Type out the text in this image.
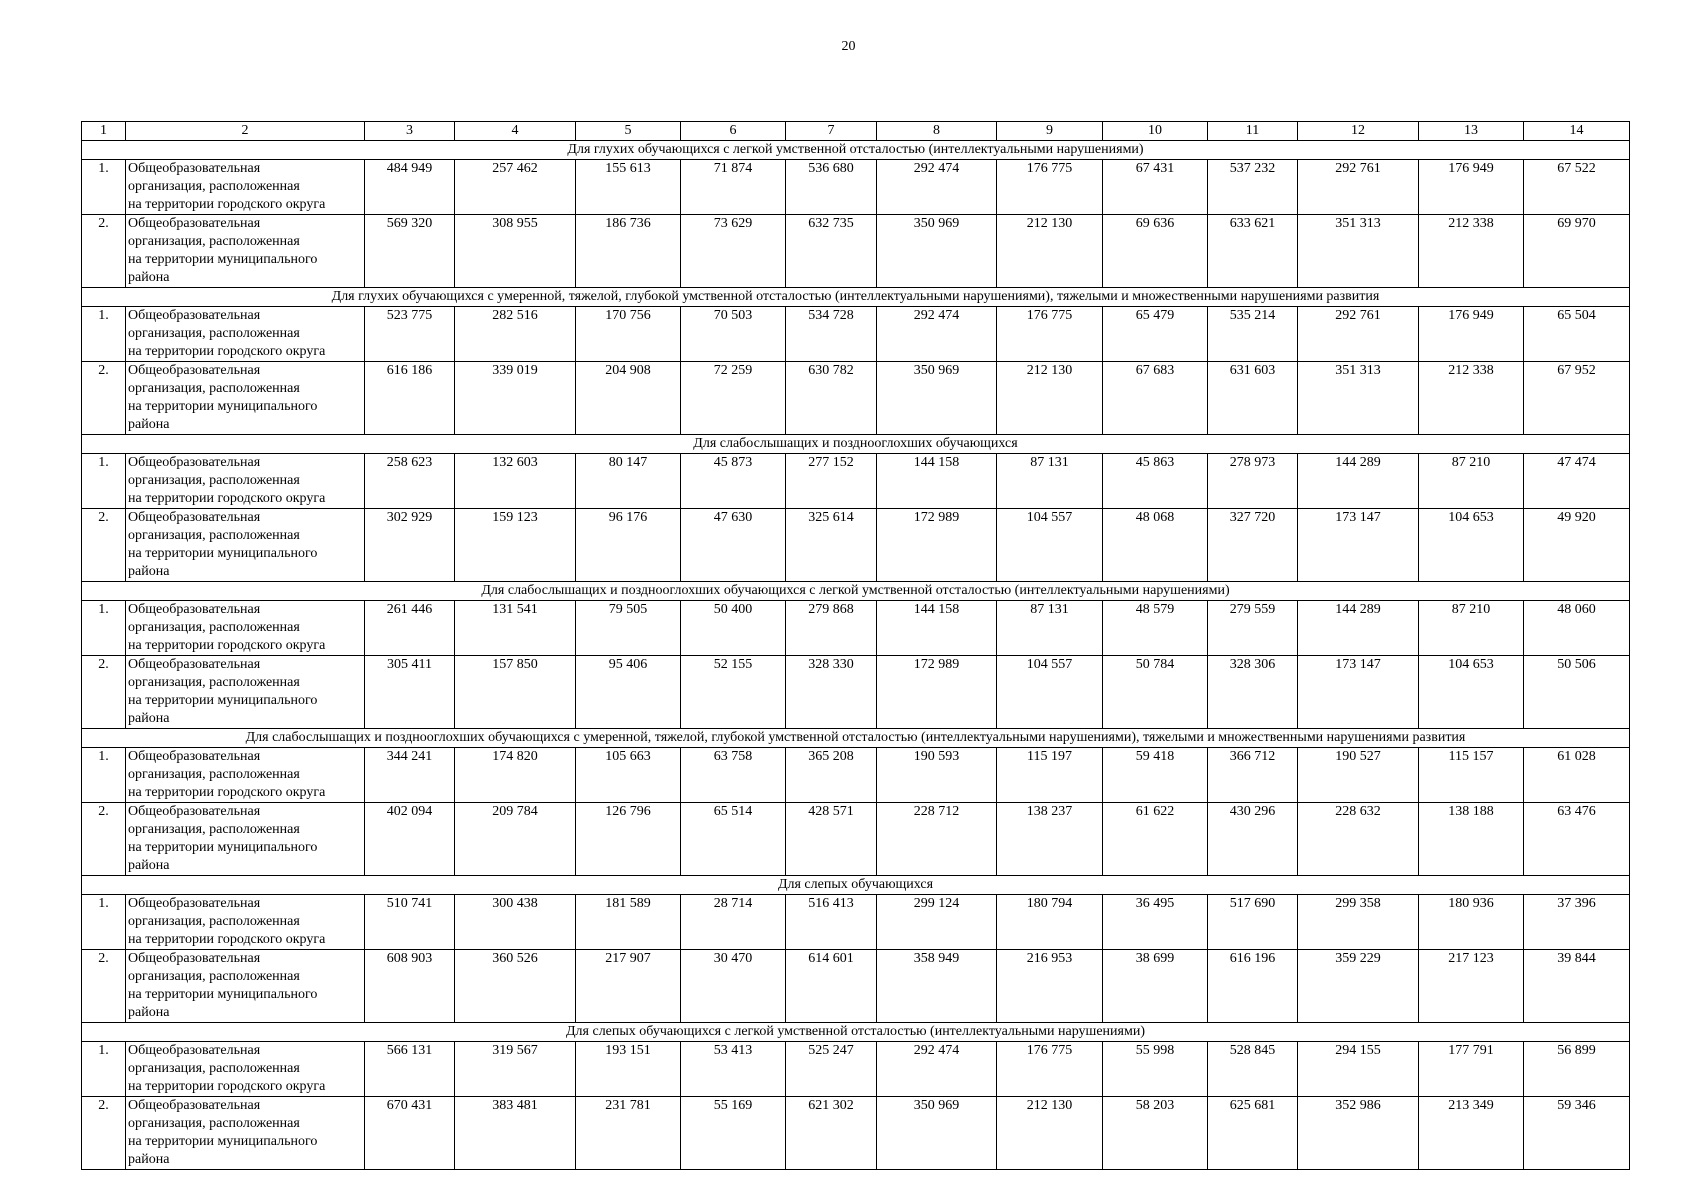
20
1	2	3	4	5	6	7	8	9	10	11	12	13	14
Для глухих обучающихся с легкой умственной отсталостью (интеллектуальными нарушениями)													
1.	Общеобразовательная
организация, расположенная
на территории городского округа	484 949	257 462	155 613	71 874	536 680	292 474	176 775	67 431	537 232	292 761	176 949	67 522
2.	Общеобразовательная
организация, расположенная
на территории муниципального
района	569 320	308 955	186 736	73 629	632 735	350 969	212 130	69 636	633 621	351 313	212 338	69 970
Для глухих обучающихся с умеренной, тяжелой, глубокой умственной отсталостью (интеллектуальными нарушениями), тяжелыми и множественными нарушениями развития													
1.	Общеобразовательная
организация, расположенная
на территории городского округа	523 775	282 516	170 756	70 503	534 728	292 474	176 775	65 479	535 214	292 761	176 949	65 504
2.	Общеобразовательная
организация, расположенная
на территории муниципального
района	616 186	339 019	204 908	72 259	630 782	350 969	212 130	67 683	631 603	351 313	212 338	67 952
Для слабослышащих и позднооглохших обучающихся													
1.	Общеобразовательная
организация, расположенная
на территории городского округа	258 623	132 603	80 147	45 873	277 152	144 158	87 131	45 863	278 973	144 289	87 210	47 474
2.	Общеобразовательная
организация, расположенная
на территории муниципального
района	302 929	159 123	96 176	47 630	325 614	172 989	104 557	48 068	327 720	173 147	104 653	49 920
Для слабослышащих и позднооглохших обучающихся с легкой умственной отсталостью (интеллектуальными нарушениями)													
1.	Общеобразовательная
организация, расположенная
на территории городского округа	261 446	131 541	79 505	50 400	279 868	144 158	87 131	48 579	279 559	144 289	87 210	48 060
2.	Общеобразовательная
организация, расположенная
на территории муниципального
района	305 411	157 850	95 406	52 155	328 330	172 989	104 557	50 784	328 306	173 147	104 653	50 506
Для слабослышащих и позднооглохших обучающихся с умеренной, тяжелой, глубокой умственной отсталостью (интеллектуальными нарушениями), тяжелыми и множественными нарушениями развития													
1.	Общеобразовательная
организация, расположенная
на территории городского округа	344 241	174 820	105 663	63 758	365 208	190 593	115 197	59 418	366 712	190 527	115 157	61 028
2.	Общеобразовательная
организация, расположенная
на территории муниципального
района	402 094	209 784	126 796	65 514	428 571	228 712	138 237	61 622	430 296	228 632	138 188	63 476
Для слепых обучающихся													
1.	Общеобразовательная
организация, расположенная
на территории городского округа	510 741	300 438	181 589	28 714	516 413	299 124	180 794	36 495	517 690	299 358	180 936	37 396
2.	Общеобразовательная
организация, расположенная
на территории муниципального
района	608 903	360 526	217 907	30 470	614 601	358 949	216 953	38 699	616 196	359 229	217 123	39 844
Для слепых обучающихся с легкой умственной отсталостью (интеллектуальными нарушениями)													
1.	Общеобразовательная
организация, расположенная
на территории городского округа	566 131	319 567	193 151	53 413	525 247	292 474	176 775	55 998	528 845	294 155	177 791	56 899
2.	Общеобразовательная
организация, расположенная
на территории муниципального
района	670 431	383 481	231 781	55 169	621 302	350 969	212 130	58 203	625 681	352 986	213 349	59 346
